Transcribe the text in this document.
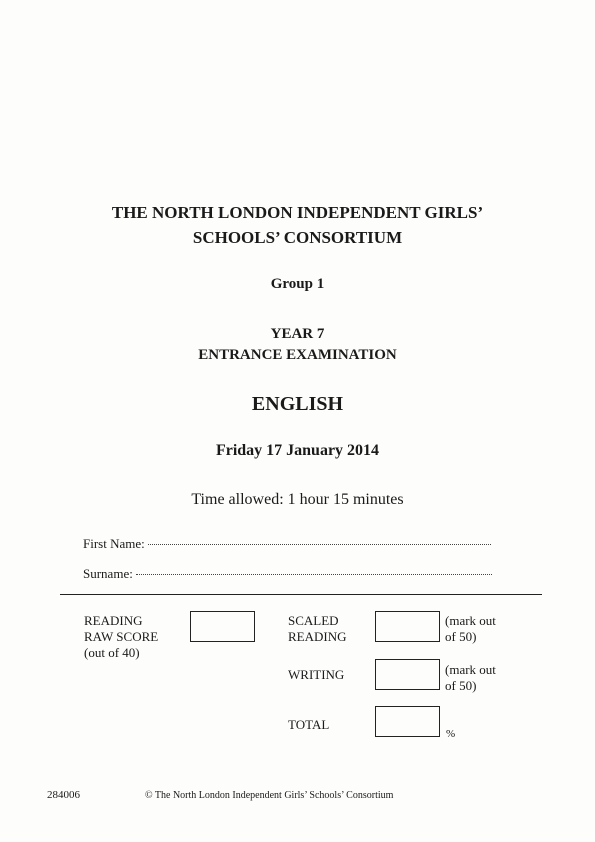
THE NORTH LONDON INDEPENDENT GIRLS’
SCHOOLS’ CONSORTIUM
Group 1
YEAR 7
ENTRANCE EXAMINATION
ENGLISH
Friday 17 January 2014
Time allowed: 1 hour 15 minutes
First Name:
Surname:
READING
RAW SCORE
(out of 40)
SCALED
READING
(mark out
of 50)
WRITING	(mark out
of 50)
TOTAL
%
284006	© The North London Independent Girls’ Schools’ Consortium
